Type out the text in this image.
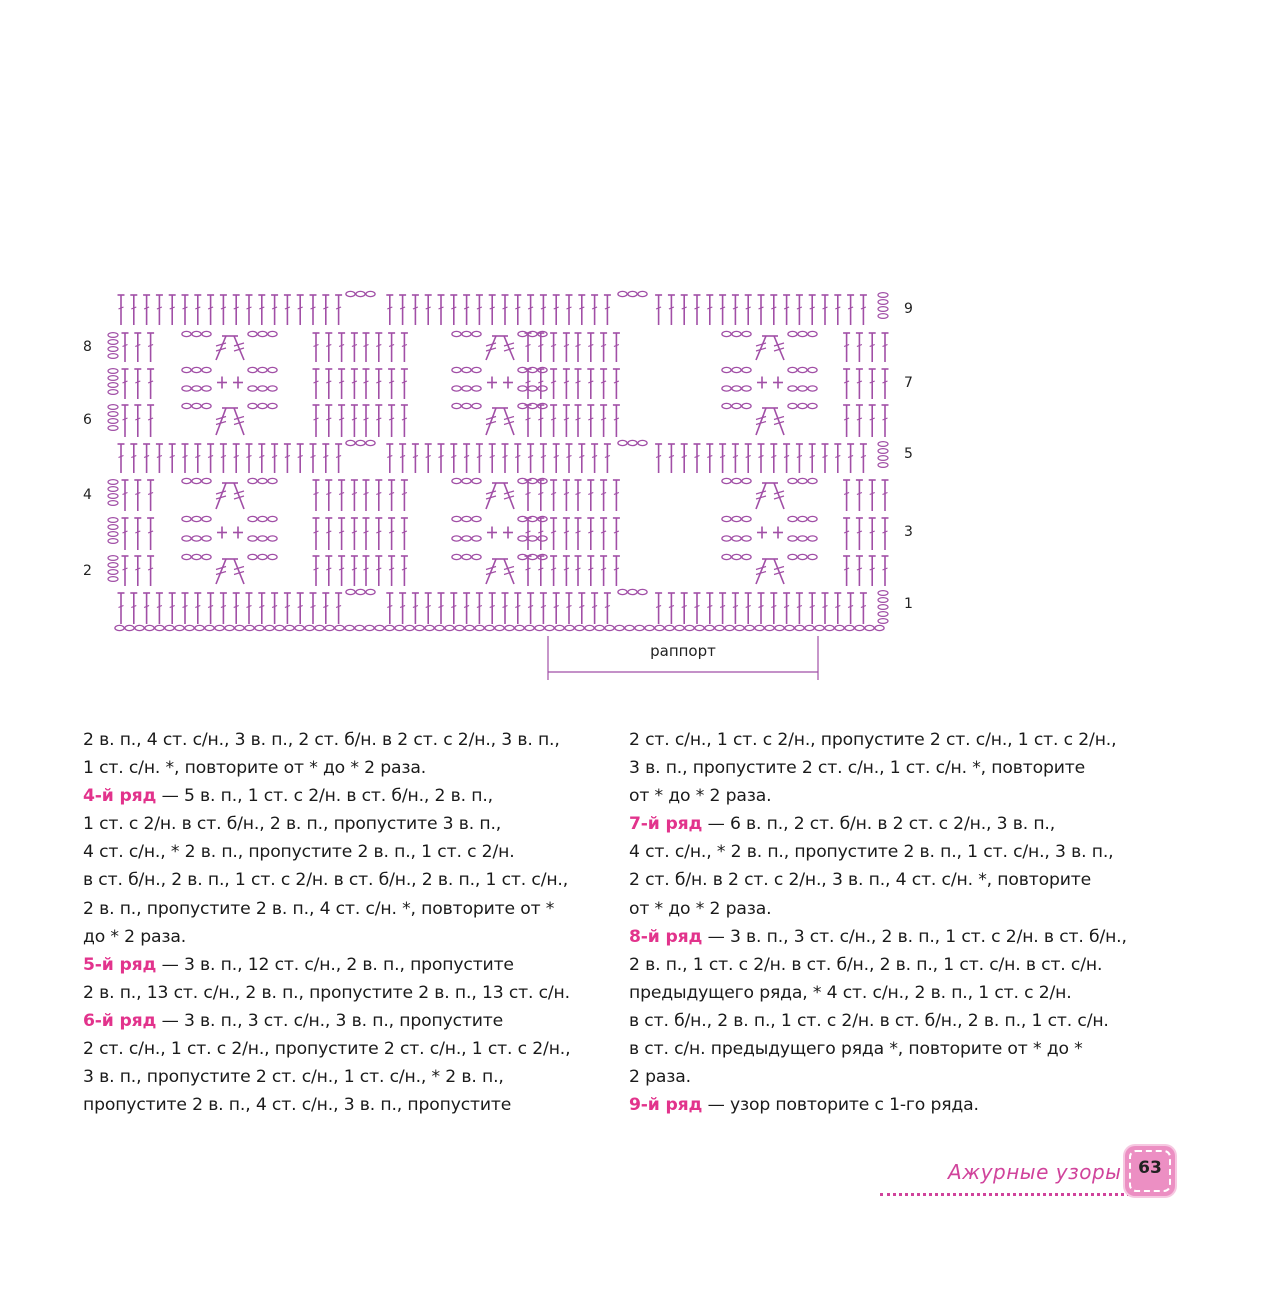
8
6
4
2
9
7
5
3
1
раппорт

2 в. п., 4 ст. с/н., 3 в. п., 2 ст. б/н. в 2 ст. с 2/н., 3 в. п.,

1 ст. с/н. *, повторите от * до * 2 раза.

4-й ряд — 5 в. п., 1 ст. с 2/н. в ст. б/н., 2 в. п.,

1 ст. с 2/н. в ст. б/н., 2 в. п., пропустите 3 в. п.,

4 ст. с/н., * 2 в. п., пропустите 2 в. п., 1 ст. с 2/н.

в ст. б/н., 2 в. п., 1 ст. с 2/н. в ст. б/н., 2 в. п., 1 ст. с/н.,

2 в. п., пропустите 2 в. п., 4 ст. с/н. *, повторите от *

до * 2 раза.

5-й ряд — 3 в. п., 12 ст. с/н., 2 в. п., пропустите

2 в. п., 13 ст. с/н., 2 в. п., пропустите 2 в. п., 13 ст. с/н.

6-й ряд — 3 в. п., 3 ст. с/н., 3 в. п., пропустите

2 ст. с/н., 1 ст. с 2/н., пропустите 2 ст. с/н., 1 ст. с 2/н.,

3 в. п., пропустите 2 ст. с/н., 1 ст. с/н., * 2 в. п.,

пропустите 2 в. п., 4 ст. с/н., 3 в. п., пропустите

2 ст. с/н., 1 ст. с 2/н., пропустите 2 ст. с/н., 1 ст. с 2/н.,

3 в. п., пропустите 2 ст. с/н., 1 ст. с/н. *, повторите

от * до * 2 раза.

7-й ряд — 6 в. п., 2 ст. б/н. в 2 ст. с 2/н., 3 в. п.,

4 ст. с/н., * 2 в. п., пропустите 2 в. п., 1 ст. с/н., 3 в. п.,

2 ст. б/н. в 2 ст. с 2/н., 3 в. п., 4 ст. с/н. *, повторите

от * до * 2 раза.

8-й ряд — 3 в. п., 3 ст. с/н., 2 в. п., 1 ст. с 2/н. в ст. б/н.,

2 в. п., 1 ст. с 2/н. в ст. б/н., 2 в. п., 1 ст. с/н. в ст. с/н.

предыдущего ряда, * 4 ст. с/н., 2 в. п., 1 ст. с 2/н.

в ст. б/н., 2 в. п., 1 ст. с 2/н. в ст. б/н., 2 в. п., 1 ст. с/н.

в ст. с/н. предыдущего ряда *, повторите от * до *

2 раза.

9-й ряд — узор повторите с 1-го ряда.

Ажурные узоры 63
